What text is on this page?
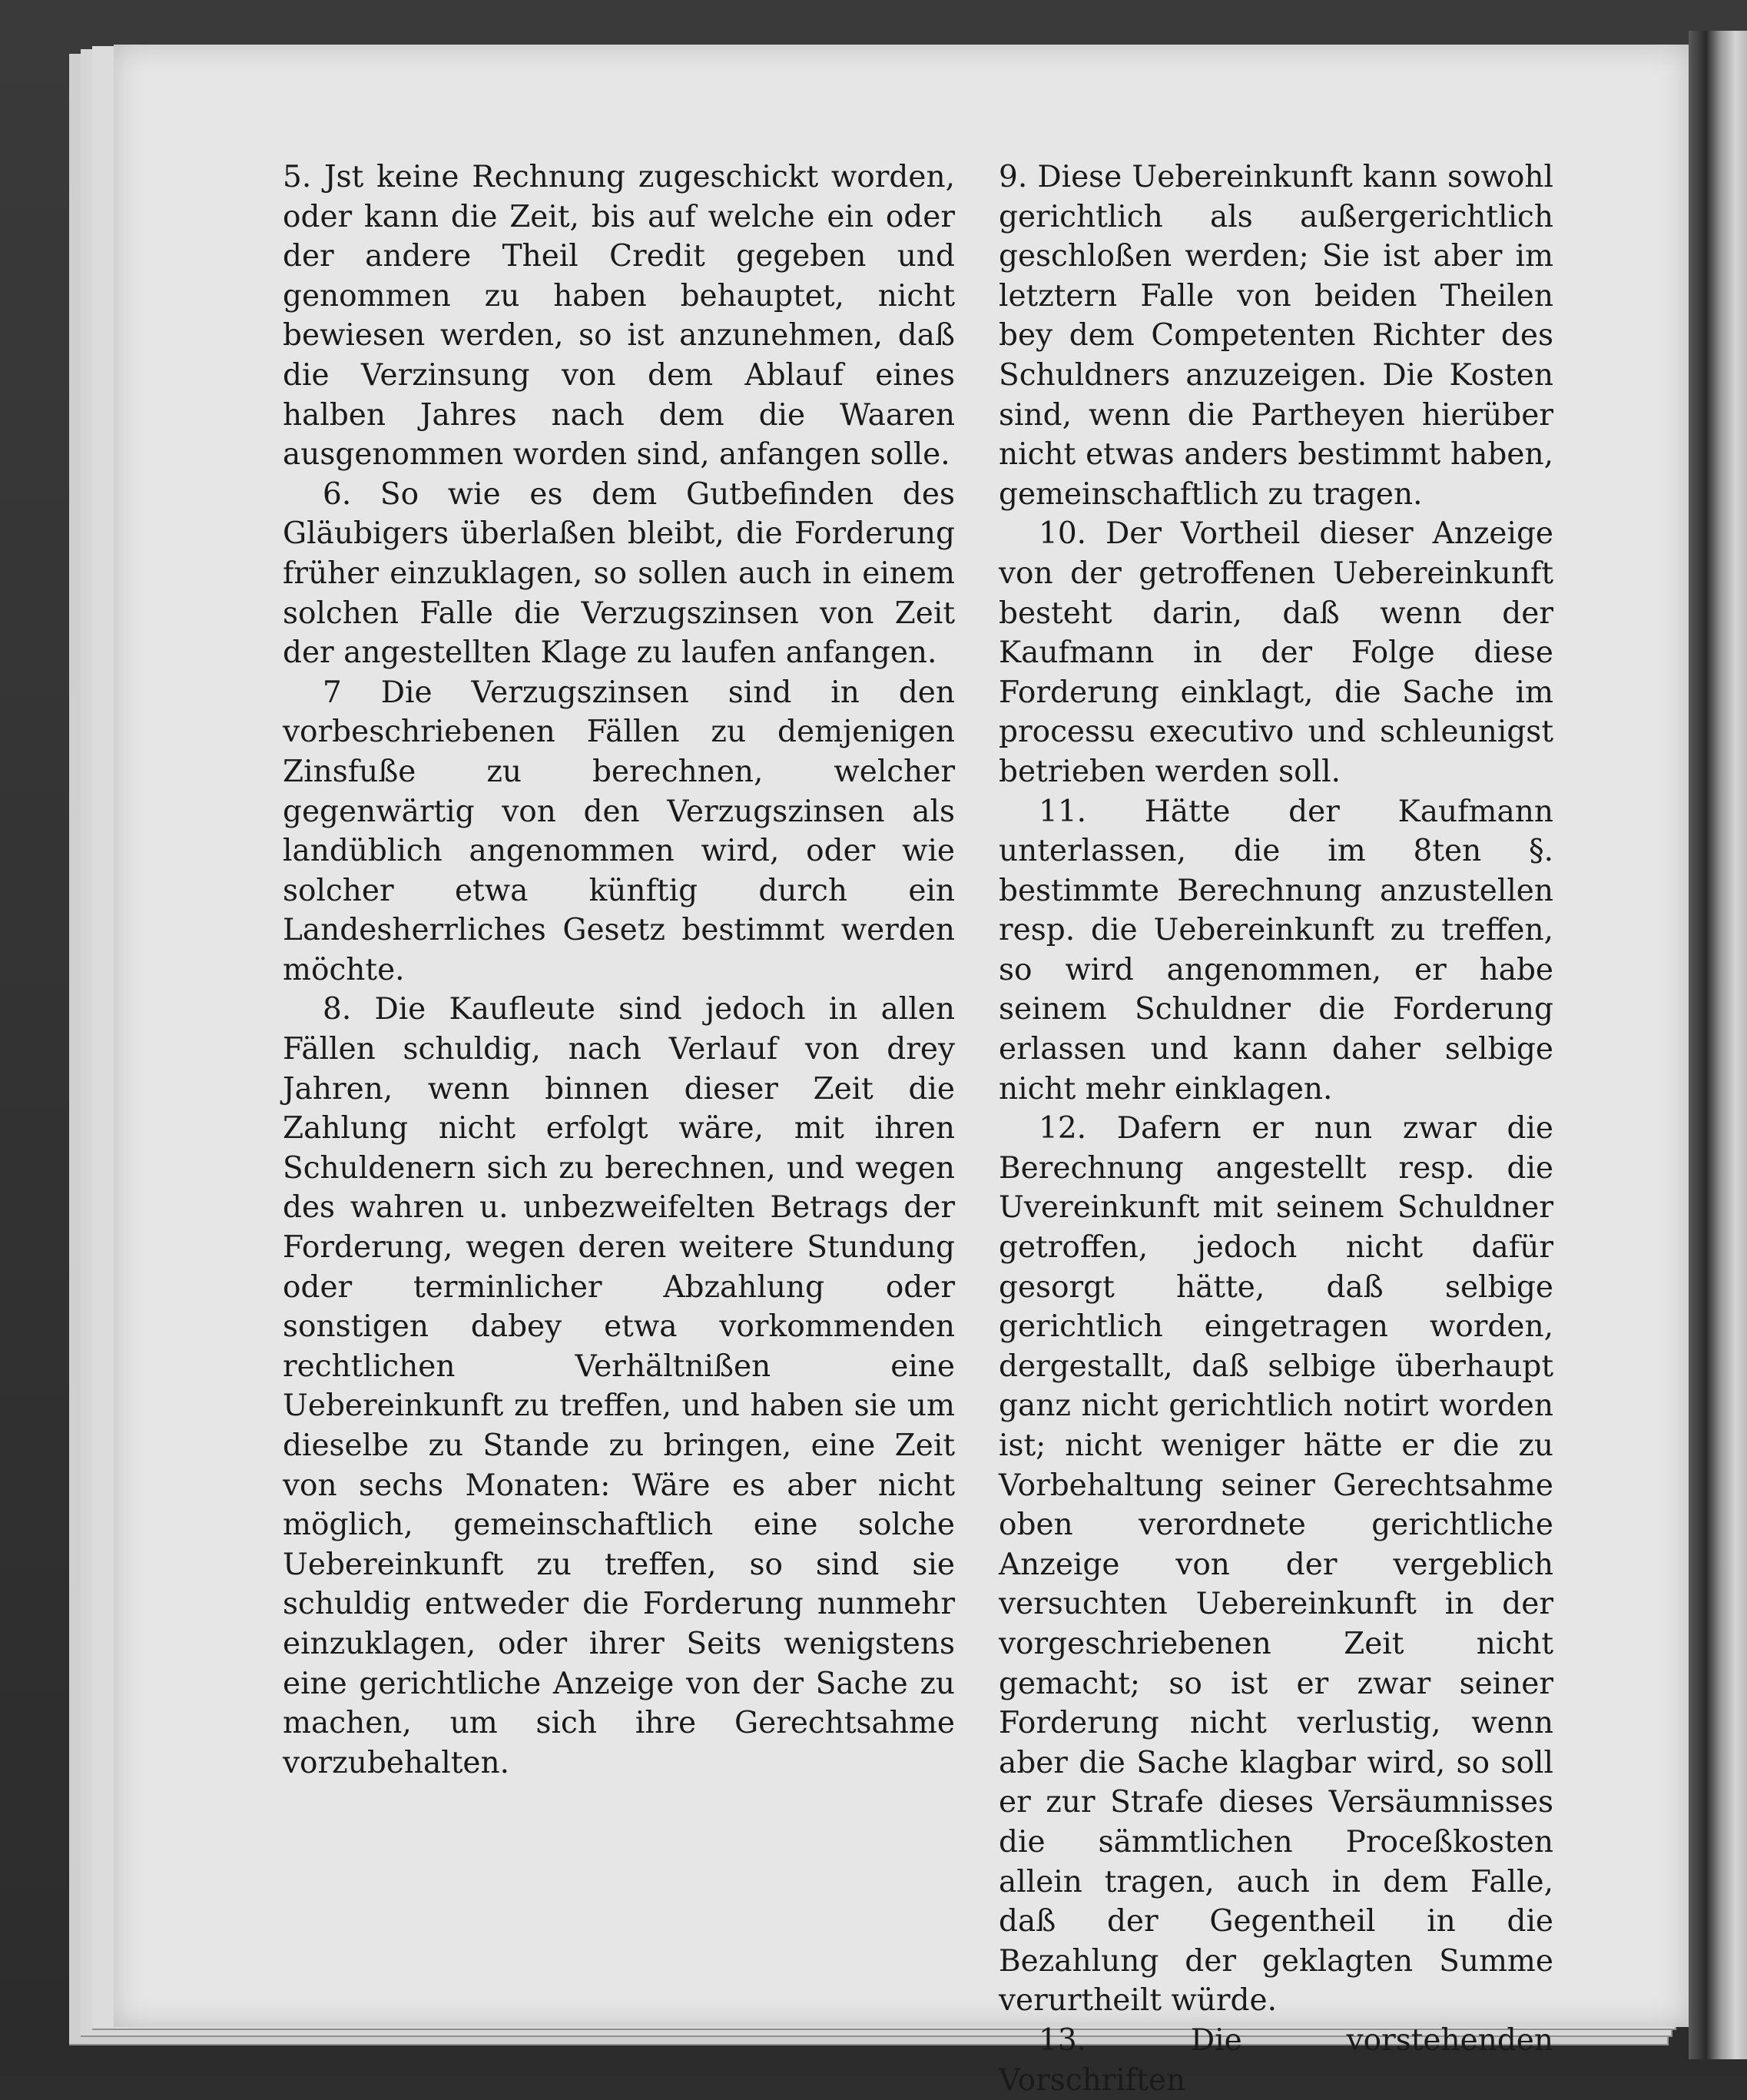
5. Jst keine Rechnung zugeschickt worden, oder kann die Zeit, bis auf welche ein oder der andere Theil Credit gegeben und genommen zu haben behauptet, nicht bewiesen werden, so ist anzunehmen, daß die Verzinsung von dem Ablauf eines halben Jahres nach dem die Waaren ausgenommen worden sind, anfangen solle.

6. So wie es dem Gutbefinden des Gläubigers überlaßen bleibt, die Forderung früher einzuklagen, so sollen auch in einem solchen Falle die Verzugszinsen von Zeit der angestellten Klage zu laufen anfangen.

7 Die Verzugszinsen sind in den vorbeschriebenen Fällen zu demjenigen Zinsfuße zu berechnen, welcher gegenwärtig von den Verzugszinsen als landüblich angenommen wird, oder wie solcher etwa künftig durch ein Landesherrliches Gesetz bestimmt werden möchte.

8. Die Kaufleute sind jedoch in allen Fällen schuldig, nach Verlauf von drey Jahren, wenn binnen dieser Zeit die Zahlung nicht erfolgt wäre, mit ihren Schuldenern sich zu berechnen, und wegen des wahren u. unbezweifelten Betrags der Forderung, wegen deren weitere Stundung oder terminlicher Abzahlung oder sonstigen dabey etwa vorkommenden rechtlichen Verhältnißen eine Uebereinkunft zu treffen, und haben sie um dieselbe zu Stande zu bringen, eine Zeit von sechs Monaten: Wäre es aber nicht möglich, gemeinschaftlich eine solche Uebereinkunft zu treffen, so sind sie schuldig entweder die Forderung nunmehr einzuklagen, oder ihrer Seits wenigstens eine gerichtliche Anzeige von der Sache zu machen, um sich ihre Gerechtsahme vorzubehalten.

9. Diese Uebereinkunft kann sowohl gerichtlich als außergerichtlich geschloßen werden; Sie ist aber im letztern Falle von beiden Theilen bey dem Competenten Richter des Schuldners anzuzeigen. Die Kosten sind, wenn die Partheyen hierüber nicht etwas anders bestimmt haben, gemeinschaftlich zu tragen.

10. Der Vortheil dieser Anzeige von der getroffenen Uebereinkunft besteht darin, daß wenn der Kaufmann in der Folge diese Forderung einklagt, die Sache im processu executivo und schleunigst betrieben werden soll.

11. Hätte der Kaufmann unterlassen, die im 8ten §. bestimmte Berechnung anzustellen resp. die Uebereinkunft zu treffen, so wird angenommen, er habe seinem Schuldner die Forderung erlassen und kann daher selbige nicht mehr einklagen.

12. Dafern er nun zwar die Berechnung angestellt resp. die Uvereinkunft mit seinem Schuldner getroffen, jedoch nicht dafür gesorgt hätte, daß selbige gerichtlich eingetragen worden, dergestallt, daß selbige überhaupt ganz nicht gerichtlich notirt worden ist; nicht weniger hätte er die zu Vorbehaltung seiner Gerechtsahme oben verordnete gerichtliche Anzeige von der vergeblich versuchten Uebereinkunft in der vorgeschriebenen Zeit nicht gemacht; so ist er zwar seiner Forderung nicht verlustig, wenn aber die Sache klagbar wird, so soll er zur Strafe dieses Versäumnisses die sämmtlichen Proceßkosten allein tragen, auch in dem Falle, daß der Gegentheil in die Bezahlung der geklagten Summe verurtheilt würde.

13. Die vorstehenden Vorschriften
